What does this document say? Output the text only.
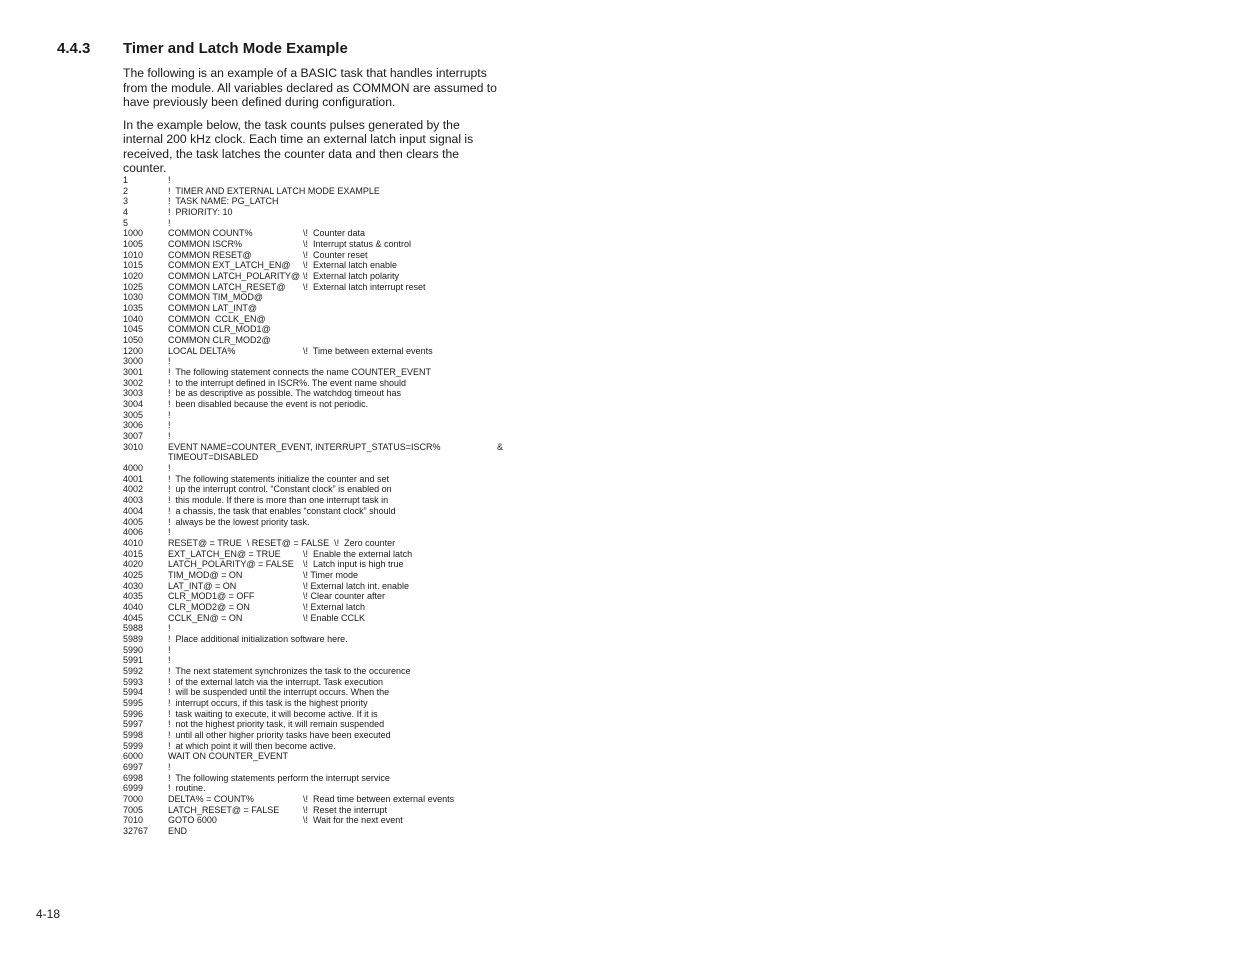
4.4.3 Timer and Latch Mode Example

The following is an example of a BASIC task that handles interrupts from the module. All variables declared as COMMON are assumed to have previously been defined during configuration.

In the example below, the task counts pulses generated by the internal 200 kHz clock. Each time an external latch input signal is received, the task latches the counter data and then clears the counter.

1	!
2	!  TIMER AND EXTERNAL LATCH MODE EXAMPLE
3	!  TASK NAME: PG_LATCH
4	!  PRIORITY: 10
5	!
1000	COMMON COUNT%	\!  Counter data
1005	COMMON ISCR%	\!  Interrupt status & control
1010	COMMON RESET@	\!  Counter reset
1015	COMMON EXT_LATCH_EN@	\!  External latch enable
1020	COMMON LATCH_POLARITY@ \!  External latch polarity
1025	COMMON LATCH_RESET@	\!  External latch interrupt reset
1030	COMMON TIM_MOD@
1035	COMMON LAT_INT@
1040	COMMON  CCLK_EN@
1045	COMMON CLR_MOD1@
1050	COMMON CLR_MOD2@
1200	LOCAL DELTA%	\!  Time between external events
3000	!
3001	!  The following statement connects the name COUNTER_EVENT
3002	!  to the interrupt defined in ISCR%. The event name should
3003	!  be as descriptive as possible. The watchdog timeout has
3004	!  been disabled because the event is not periodic.
3005	!
3006	!
3007	!
3010	EVENT NAME=COUNTER_EVENT, INTERRUPT_STATUS=ISCR%	&
TIMEOUT=DISABLED
4000	!
4001	!  The following statements initialize the counter and set
4002	!  up the interrupt control. “Constant clock” is enabled on
4003	!  this module. If there is more than one interrupt task in
4004	!  a chassis, the task that enables “constant clock” should
4005	!  always be the lowest priority task.
4006	!
4010	RESET@ = TRUE  \ RESET@ = FALSE  \!  Zero counter
4015	EXT_LATCH_EN@ = TRUE	\!  Enable the external latch
4020	LATCH_POLARITY@ = FALSE	\!  Latch input is high true
4025	TIM_MOD@ = ON	\! Timer mode
4030	LAT_INT@ = ON	\! External latch int. enable
4035	CLR_MOD1@ = OFF	\! Clear counter after
4040	CLR_MOD2@ = ON	\! External latch
4045	CCLK_EN@ = ON	\! Enable CCLK
5988	!
5989	!  Place additional initialization software here.
5990	!
5991	!
5992	!  The next statement synchronizes the task to the occurence
5993	!  of the external latch via the interrupt. Task execution
5994	!  will be suspended until the interrupt occurs. When the
5995	!  interrupt occurs, if this task is the highest priority
5996	!  task waiting to execute, it will become active. If it is
5997	!  not the highest priority task, it will remain suspended
5998	!  until all other higher priority tasks have been executed
5999	!  at which point it will then become active.
6000	WAIT ON COUNTER_EVENT
6997	!
6998	!  The following statements perform the interrupt service
6999	!  routine.
7000	DELTA% = COUNT%	\!  Read time between external events
7005	LATCH_RESET@ = FALSE	\!  Reset the interrupt
7010	GOTO 6000	\!  Wait for the next event
32767	END
4-18
